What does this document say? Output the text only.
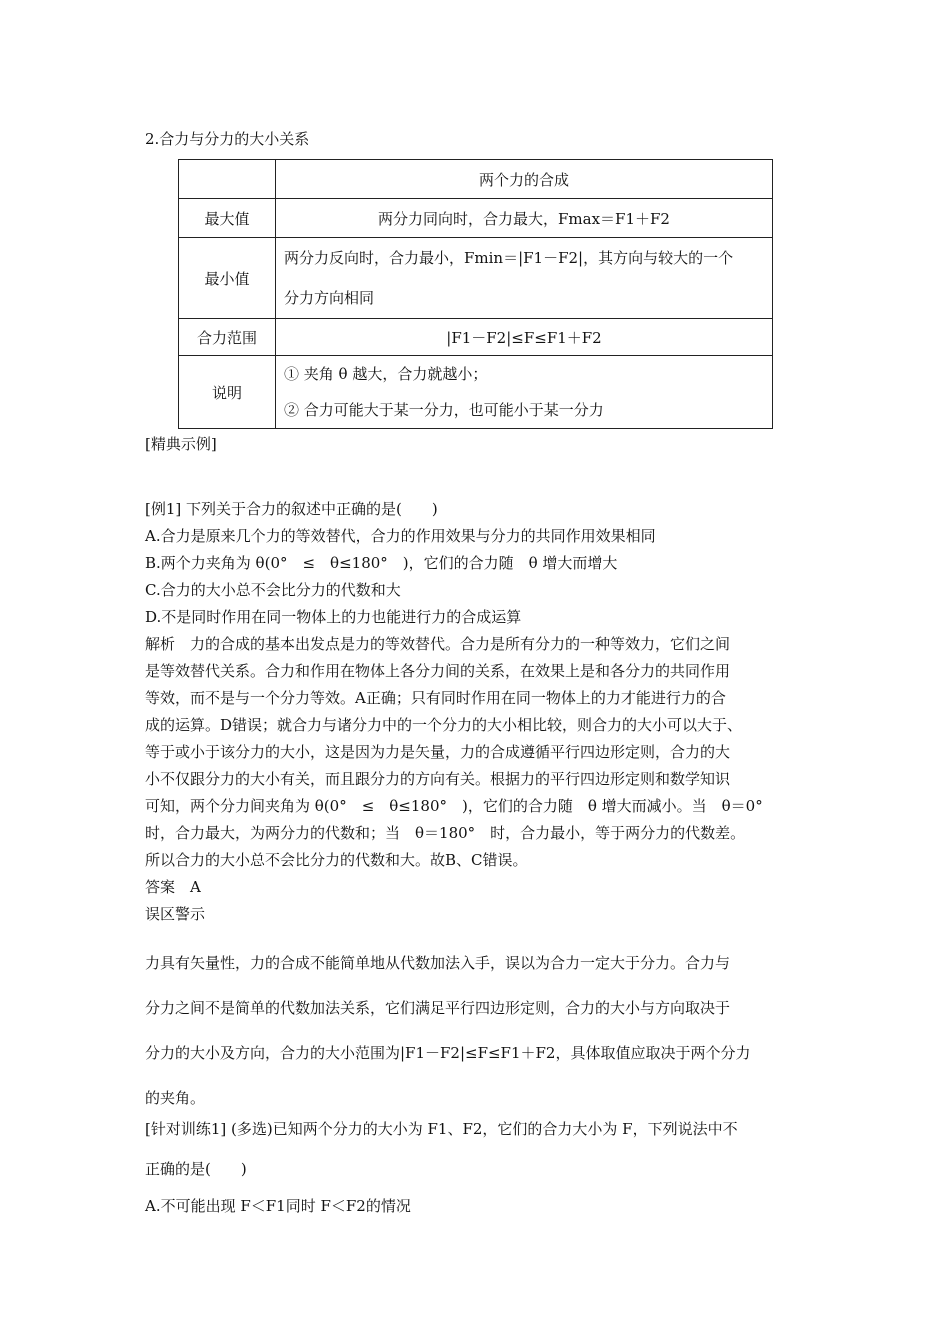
2.合力与分力的大小关系
	两个力的合成
最大值	两分力同向时，合力最大，Fmax＝F1＋F2
最小值	两分力反向时，合力最小，Fmin＝|F1－F2|，其方向与较大的一个
分力方向相同

合力范围	|F1－F2|≤F≤F1＋F2
说明	① 夹角 θ 越大，合力就越小；
② 合力可能大于某一分力，也可能小于某一分力
[精典示例]
[例1] 下列关于合力的叙述中正确的是(　　)
A.合力是原来几个力的等效替代，合力的作用效果与分力的共同作用效果相同
B.两个力夹角为 θ(0°　≤　θ≤180°　)，它们的合力随　θ 增大而增大
C.合力的大小总不会比分力的代数和大
D.不是同时作用在同一物体上的力也能进行力的合成运算
解析　力的合成的基本出发点是力的等效替代。合力是所有分力的一种等效力，它们之间
是等效替代关系。合力和作用在物体上各分力间的关系，在效果上是和各分力的共同作用
等效，而不是与一个分力等效。A正确；只有同时作用在同一物体上的力才能进行力的合
成的运算。D错误；就合力与诸分力中的一个分力的大小相比较，则合力的大小可以大于、
等于或小于该分力的大小，这是因为力是矢量，力的合成遵循平行四边形定则，合力的大
小不仅跟分力的大小有关，而且跟分力的方向有关。根据力的平行四边形定则和数学知识
可知，两个分力间夹角为 θ(0°　≤　θ≤180°　)，它们的合力随　θ 增大而减小。当　θ＝0°
时，合力最大，为两分力的代数和；当　θ＝180°　时，合力最小，等于两分力的代数差。
所以合力的大小总不会比分力的代数和大。故B、C错误。
答案　A
误区警示
力具有矢量性，力的合成不能简单地从代数加法入手，误以为合力一定大于分力。合力与
分力之间不是简单的代数加法关系，它们满足平行四边形定则，合力的大小与方向取决于
分力的大小及方向，合力的大小范围为|F1－F2|≤F≤F1＋F2，具体取值应取决于两个分力
的夹角。
[针对训练1] (多选)已知两个分力的大小为 F1、F2，它们的合力大小为 F，下列说法中不
正确的是(　　)
A.不可能出现 F＜F1同时 F＜F2的情况
